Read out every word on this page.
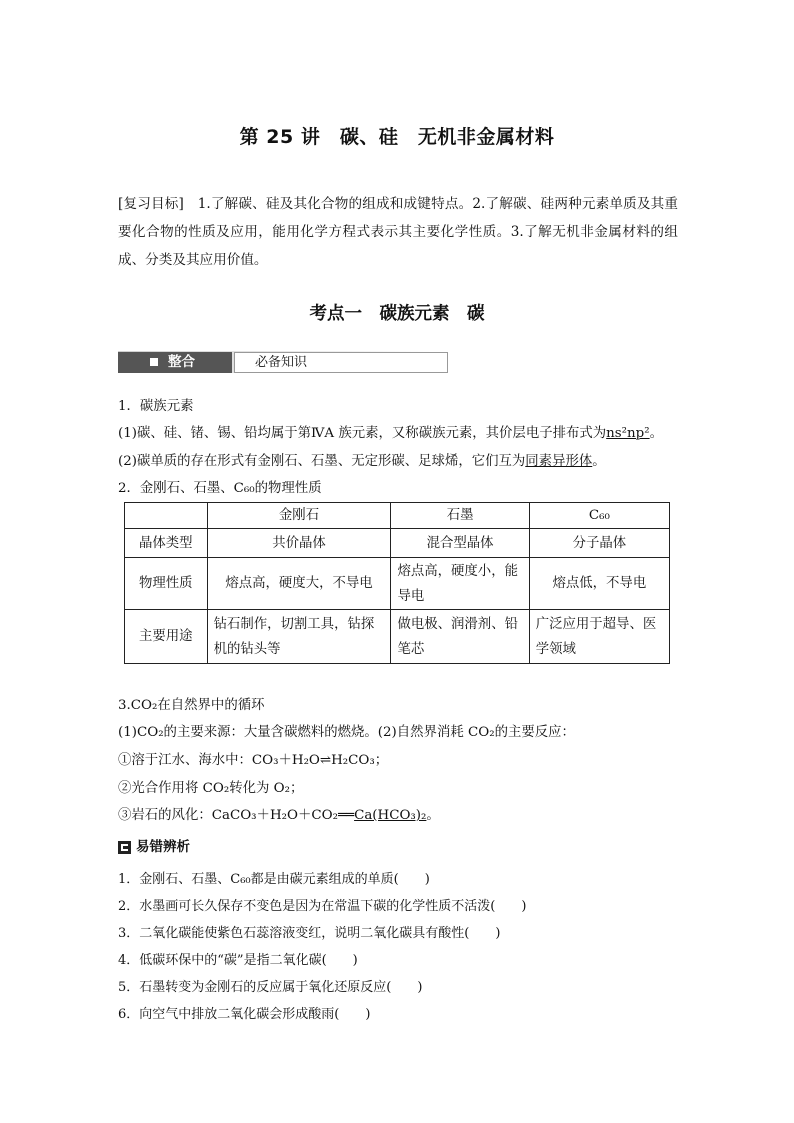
第 25 讲　碳、硅　无机非金属材料
[复习目标]　1.了解碳、硅及其化合物的组成和成键特点。2.了解碳、硅两种元素单质及其重要化合物的性质及应用，能用化学方程式表示其主要化学性质。3.了解无机非金属材料的组成、分类及其应用价值。
考点一　碳族元素　碳
整合	必备知识
1．碳族元素
(1)碳、硅、锗、锡、铅均属于第ⅣA 族元素，又称碳族元素，其价层电子排布式为ns²np²。
(2)碳单质的存在形式有金刚石、石墨、无定形碳、足球烯，它们互为同素异形体。
2．金刚石、石墨、C₆₀的物理性质
	金刚石	石墨	C₆₀
晶体类型	共价晶体	混合型晶体	分子晶体
物理性质	熔点高，硬度大，不导电	熔点高，硬度小，能导电	熔点低，不导电
主要用途	钻石制作，切割工具，钻探机的钻头等	做电极、润滑剂、铅笔芯	广泛应用于超导、医学领域
3.CO₂在自然界中的循环
(1)CO₂的主要来源：大量含碳燃料的燃烧。(2)自然界消耗 CO₂的主要反应：
①溶于江水、海水中：CO₃＋H₂O⇌H₂CO₃；
②光合作用将 CO₂转化为 O₂；
③岩石的风化：CaCO₃＋H₂O＋CO₂══Ca(HCO₃)₂。
易错辨析
1．金刚石、石墨、C₆₀都是由碳元素组成的单质(　　)
2．水墨画可长久保存不变色是因为在常温下碳的化学性质不活泼(　　)
3．二氧化碳能使紫色石蕊溶液变红，说明二氧化碳具有酸性(　　)
4．低碳环保中的“碳”是指二氧化碳(　　)
5．石墨转变为金刚石的反应属于氧化还原反应(　　)
6．向空气中排放二氧化碳会形成酸雨(　　)
